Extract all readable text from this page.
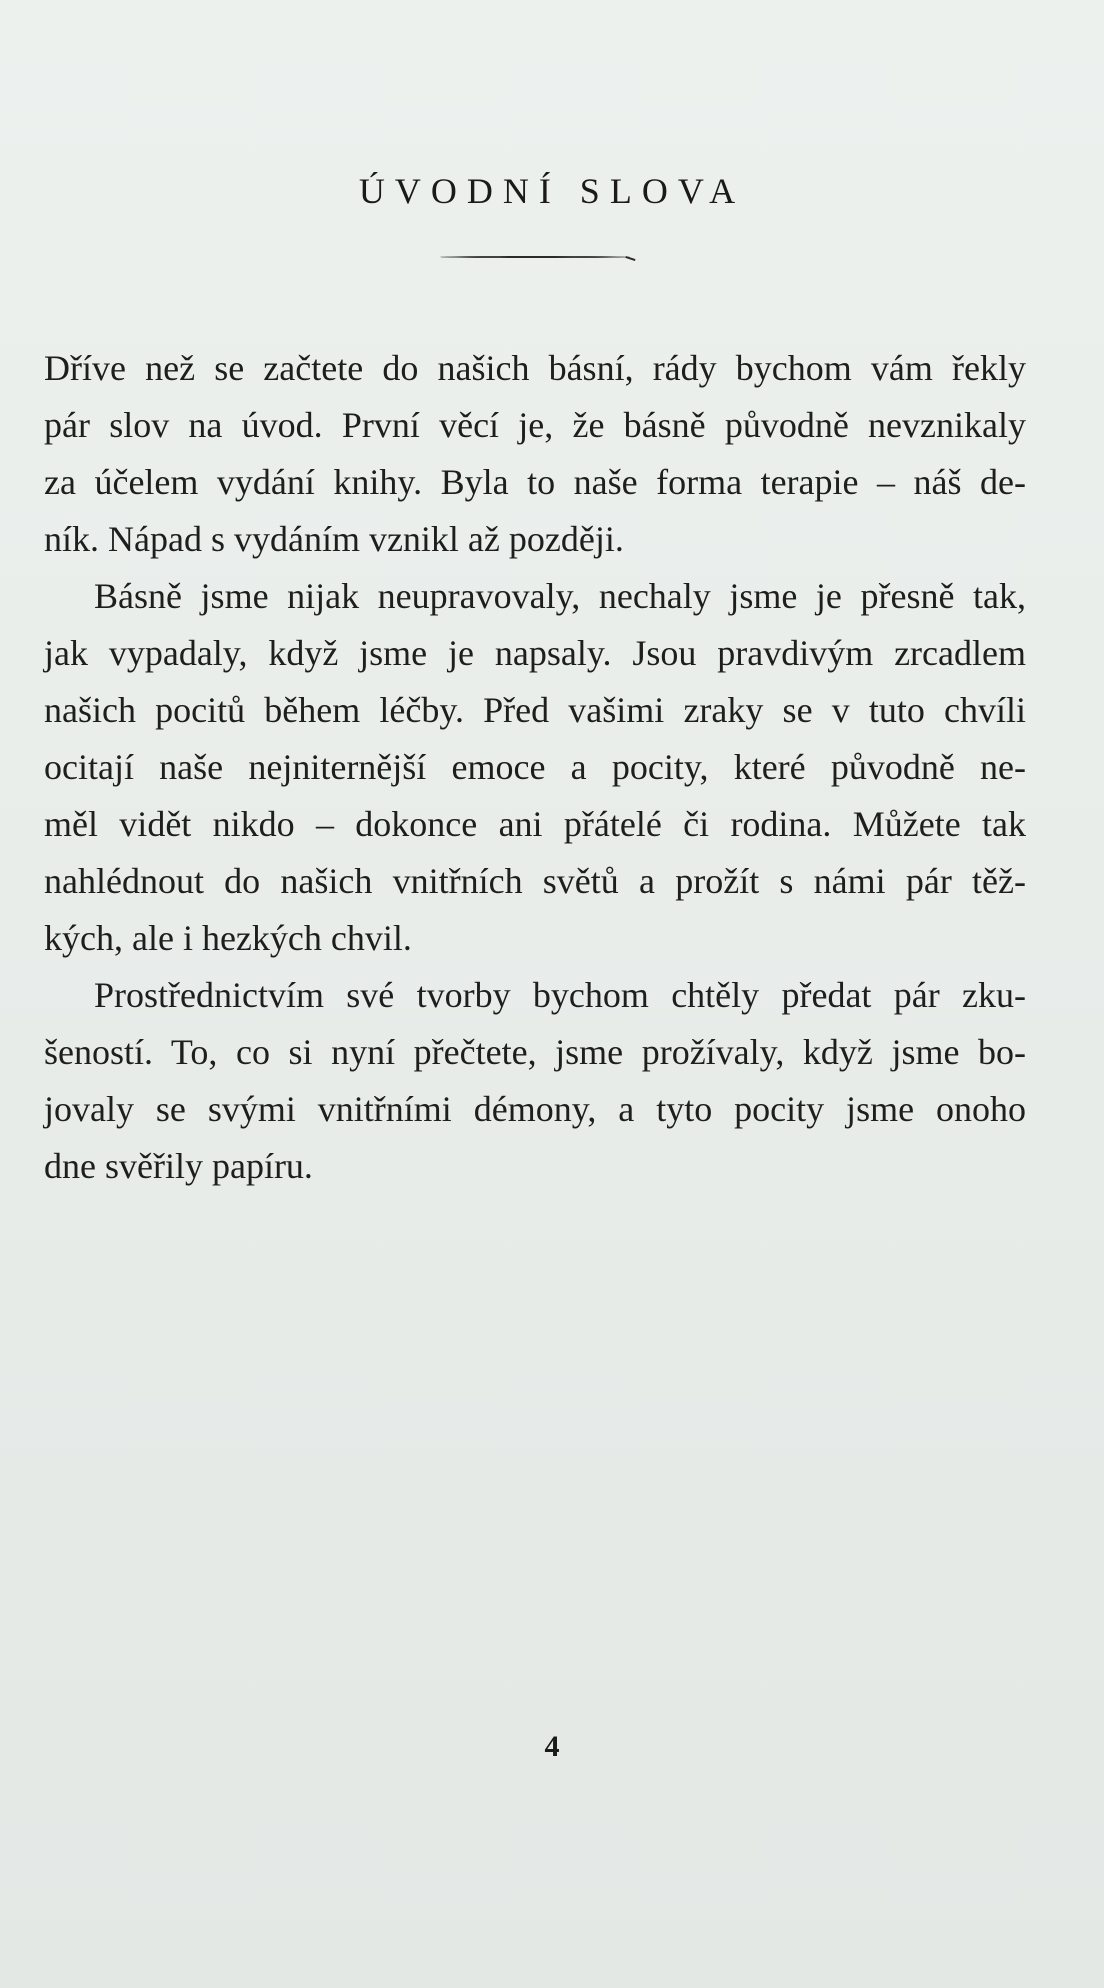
ÚVODNÍ SLOVA
Dříve než se začtete do našich básní, rády bychom vám řekly
pár slov na úvod. První věcí je, že básně původně nevznikaly
za účelem vydání knihy. Byla to naše forma terapie – náš de-
ník. Nápad s vydáním vznikl až později.
Básně jsme nijak neupravovaly, nechaly jsme je přesně tak,
jak vypadaly, když jsme je napsaly. Jsou pravdivým zrcadlem
našich pocitů během léčby. Před vašimi zraky se v tuto chvíli
ocitají naše nejniternější emoce a pocity, které původně ne-
měl vidět nikdo – dokonce ani přátelé či rodina. Můžete tak
nahlédnout do našich vnitřních světů a prožít s námi pár těž-
kých, ale i hezkých chvil.
Prostřednictvím své tvorby bychom chtěly předat pár zku-
šeností. To, co si nyní přečtete, jsme prožívaly, když jsme bo-
jovaly se svými vnitřními démony, a tyto pocity jsme onoho
dne svěřily papíru.
4
